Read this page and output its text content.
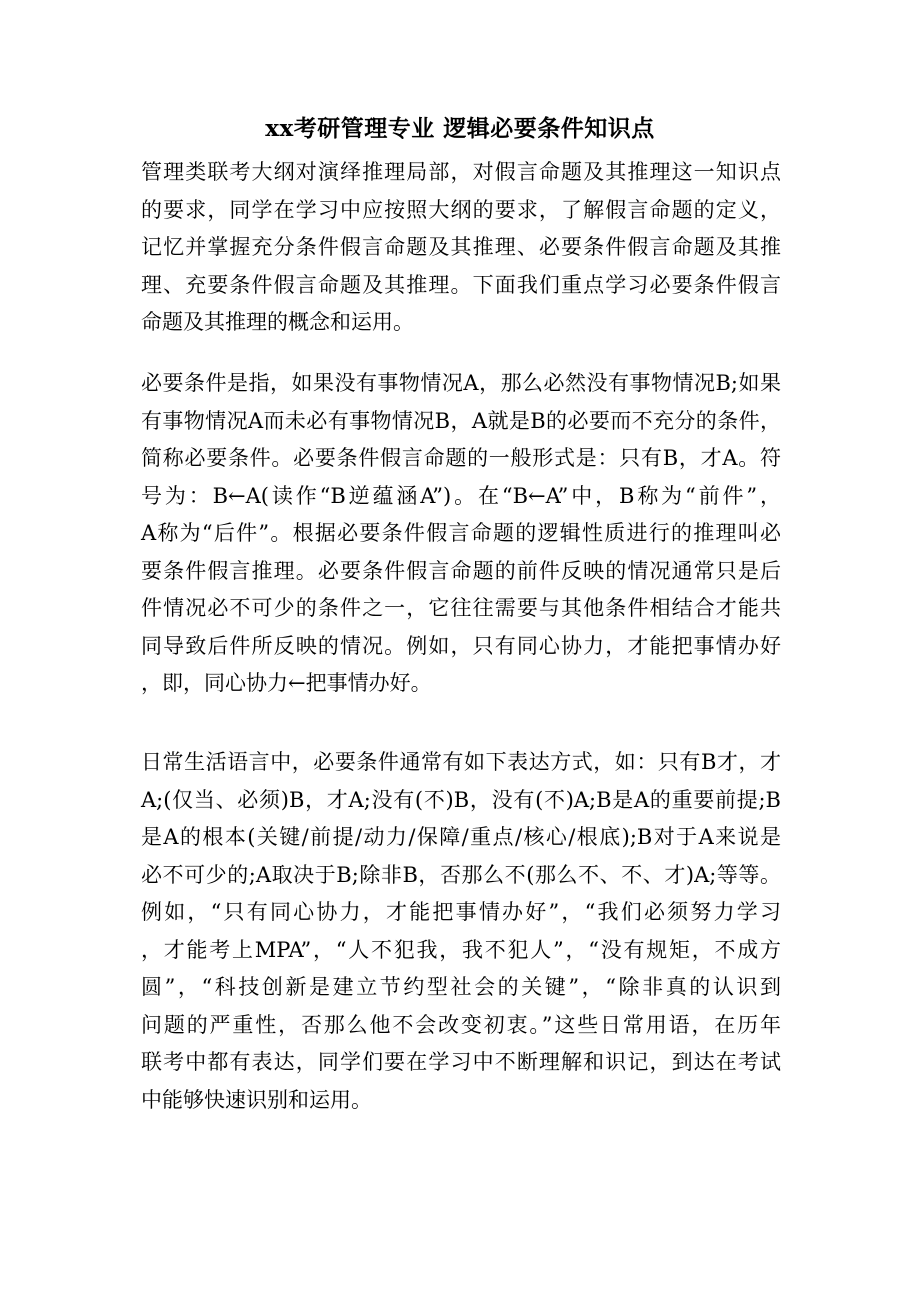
xx考研管理专业 逻辑必要条件知识点
管理类联考大纲对演绎推理局部，对假言命题及其推理这一知识点
的要求，同学在学习中应按照大纲的要求，了解假言命题的定义，
记忆并掌握充分条件假言命题及其推理、必要条件假言命题及其推
理、充要条件假言命题及其推理。下面我们重点学习必要条件假言
命题及其推理的概念和运用。
必要条件是指，如果没有事物情况A，那么必然没有事物情况B;如果
有事物情况A而未必有事物情况B，A就是B的必要而不充分的条件，
简称必要条件。必要条件假言命题的一般形式是：只有B，才A。符
号为：B←A(读作“B逆蕴涵A”)。在“B←A”中，B称为“前件”，
A称为“后件”。根据必要条件假言命题的逻辑性质进行的推理叫必
要条件假言推理。必要条件假言命题的前件反映的情况通常只是后
件情况必不可少的条件之一，它往往需要与其他条件相结合才能共
同导致后件所反映的情况。例如，只有同心协力，才能把事情办好
，即，同心协力←把事情办好。
日常生活语言中，必要条件通常有如下表达方式，如：只有B才，才
A;(仅当、必须)B，才A;没有(不)B，没有(不)A;B是A的重要前提;B
是A的根本(关键/前提/动力/保障/重点/核心/根底);B对于A来说是
必不可少的;A取决于B;除非B，否那么不(那么不、不、才)A;等等。
例如，“只有同心协力，才能把事情办好”，“我们必须努力学习
，才能考上MPA”，“人不犯我，我不犯人”，“没有规矩，不成方
圆”，“科技创新是建立节约型社会的关键”，“除非真的认识到
问题的严重性，否那么他不会改变初衷。”这些日常用语，在历年
联考中都有表达，同学们要在学习中不断理解和识记，到达在考试
中能够快速识别和运用。
